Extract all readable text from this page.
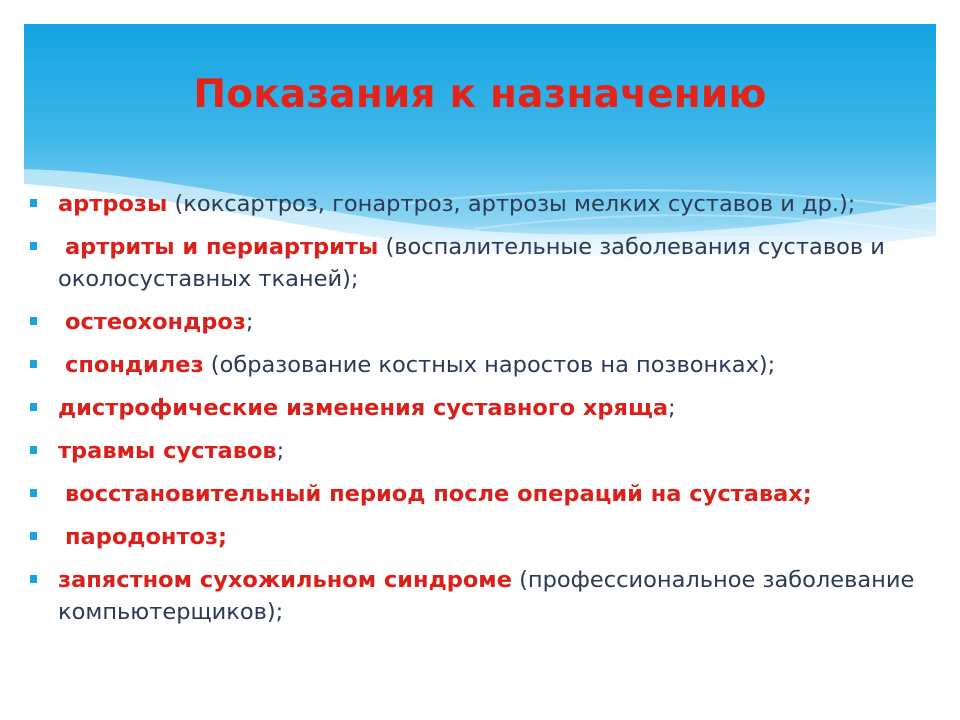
Показания к назначению
артрозы (коксартроз, гонартроз, артрозы мелких суставов и др.);
артриты и периартриты (воспалительные заболевания суставов и околосуставных тканей);
остеохондроз;
спондилез (образование костных наростов на позвонках);
дистрофические изменения суставного хряща;
травмы суставов;
восстановительный период после операций на суставах;
пародонтоз;
запястном сухожильном синдроме (профессиональное заболевание компьютерщиков);
